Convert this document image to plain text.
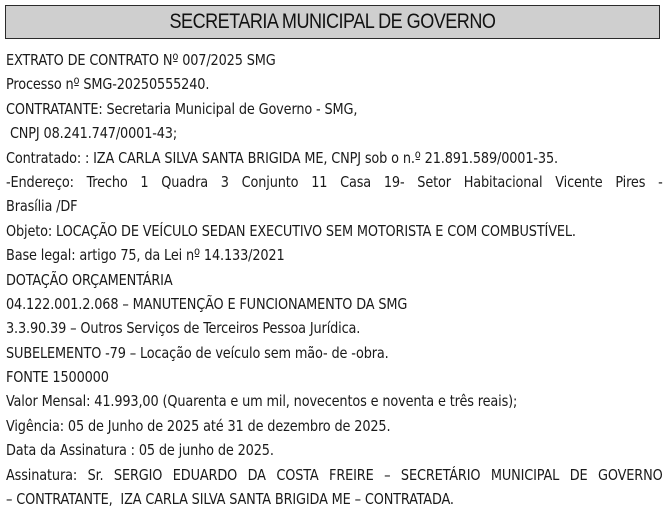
SECRETARIA MUNICIPAL DE GOVERNO
EXTRATO DE CONTRATO Nº 007/2025 SMG
Processo nº SMG-20250555240.
CONTRATANTE: Secretaria Municipal de Governo - SMG,
CNPJ 08.241.747/0001-43;
Contratado: : IZA CARLA SILVA SANTA BRIGIDA ME, CNPJ sob o n.º 21.891.589/0001-35.
-Endereço: Trecho 1 Quadra 3 Conjunto 11 Casa 19- Setor Habitacional Vicente Pires -
Brasília /DF
Objeto: LOCAÇÃO DE VEÍCULO SEDAN EXECUTIVO SEM MOTORISTA E COM COMBUSTÍVEL.
Base legal: artigo 75, da Lei nº 14.133/2021
DOTAÇÃO ORÇAMENTÁRIA
04.122.001.2.068 – MANUTENÇÃO E FUNCIONAMENTO DA SMG
3.3.90.39 – Outros Serviços de Terceiros Pessoa Jurídica.
SUBELEMENTO -79 – Locação de veículo sem mão- de -obra.
FONTE 1500000
Valor Mensal: 41.993,00 (Quarenta e um mil, novecentos e noventa e três reais);
Vigência: 05 de Junho de 2025 até 31 de dezembro de 2025.
Data da Assinatura : 05 de junho de 2025.
Assinatura: Sr. SERGIO EDUARDO DA COSTA FREIRE – SECRETÁRIO MUNICIPAL DE GOVERNO
– CONTRATANTE,  IZA CARLA SILVA SANTA BRIGIDA ME – CONTRATADA.
